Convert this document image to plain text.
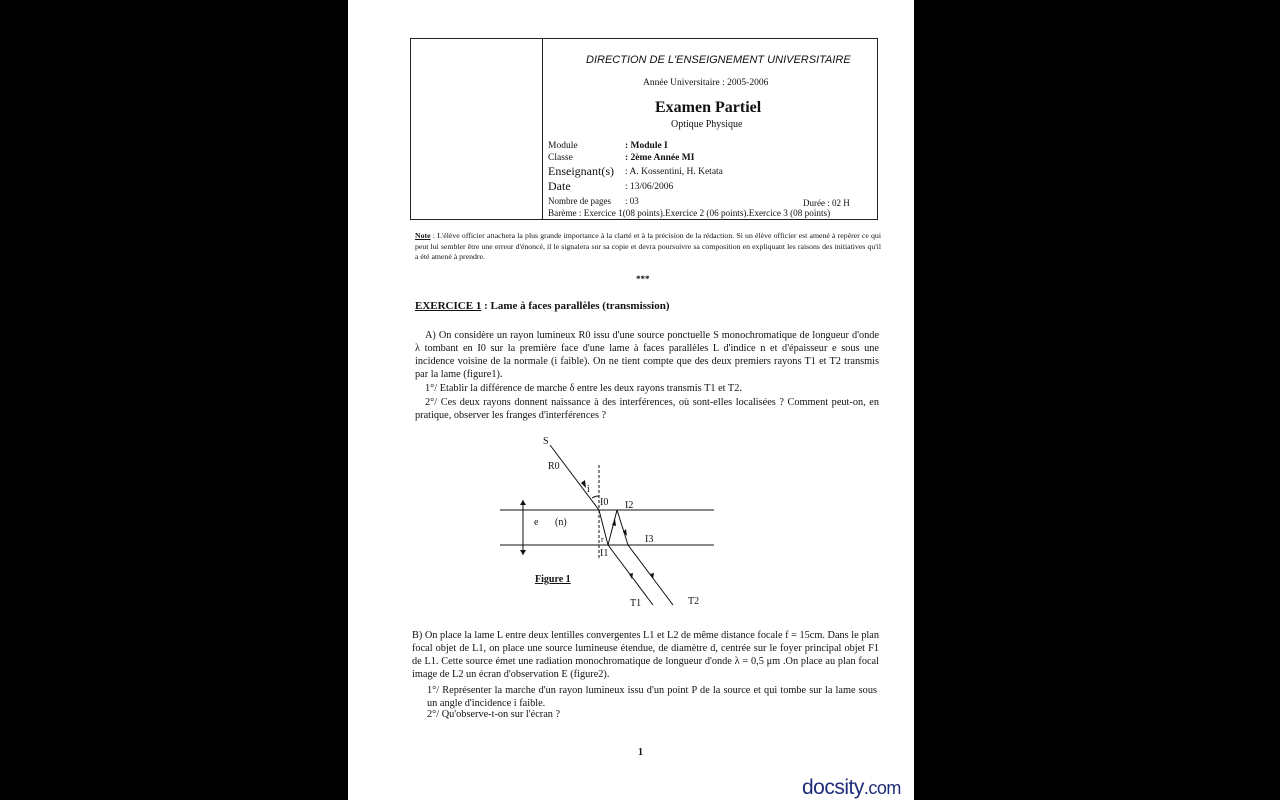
DIRECTION DE L'ENSEIGNEMENT UNIVERSITAIRE
Année Universitaire : 2005-2006
Examen Partiel
Optique Physique
Module	: Module I
Classe	: 2ème Année MI
Enseignant(s) : A. Kossentini, H. Ketata
Date	: 13/06/2006
Nombre de pages : 03	Durée : 02 H
Barème : Exercice 1(08 points).Exercice 2 (06 points).Exercice 3 (08 points)
Note : L'élève officier attachera la plus grande importance à la clarté et à la précision de la rédaction. Si un élève officier est amené à repérer ce qui peut lui sembler être une erreur d'énoncé, il le signalera sur sa copie et devra poursuivre sa composition en expliquant les raisons des initiatives qu'il a été amené à prendre.
***
EXERCICE 1 : Lame à faces parallèles (transmission)
A) On considère un rayon lumineux R0 issu d'une source ponctuelle S monochromatique de longueur d'onde λ tombant en I0 sur la première face d'une lame à faces parallèles L d'indice n et d'épaisseur e sous une incidence voisine de la normale (i faible). On ne tient compte que des deux premiers rayons T1 et T2 transmis par la lame (figure1).
1°/ Etablir la différence de marche δ entre les deux rayons transmis T1 et T2.
2°/ Ces deux rayons donnent naissance à des interférences, où sont-elles localisées ? Comment peut-on, en pratique, observer les franges d'interférences ?
S
R0
i
I0 I2
e (n)
r	I3
I1
T1	T2
Figure 1
B) On place la lame L entre deux lentilles convergentes L1 et L2 de même distance focale f = 15cm. Dans le plan focal objet de L1, on place une source lumineuse étendue, de diamètre d, centrée sur le foyer principal objet F1 de L1. Cette source émet une radiation monochromatique de longueur d'onde λ = 0,5 μm .On place au plan focal image de L2 un écran d'observation E (figure2).
1°/ Représenter la marche d'un rayon lumineux issu d'un point P de la source et qui tombe sur la lame sous un angle d'incidence i faible.
2°/ Qu'observe-t-on sur l'écran ?
1
docsity.com
